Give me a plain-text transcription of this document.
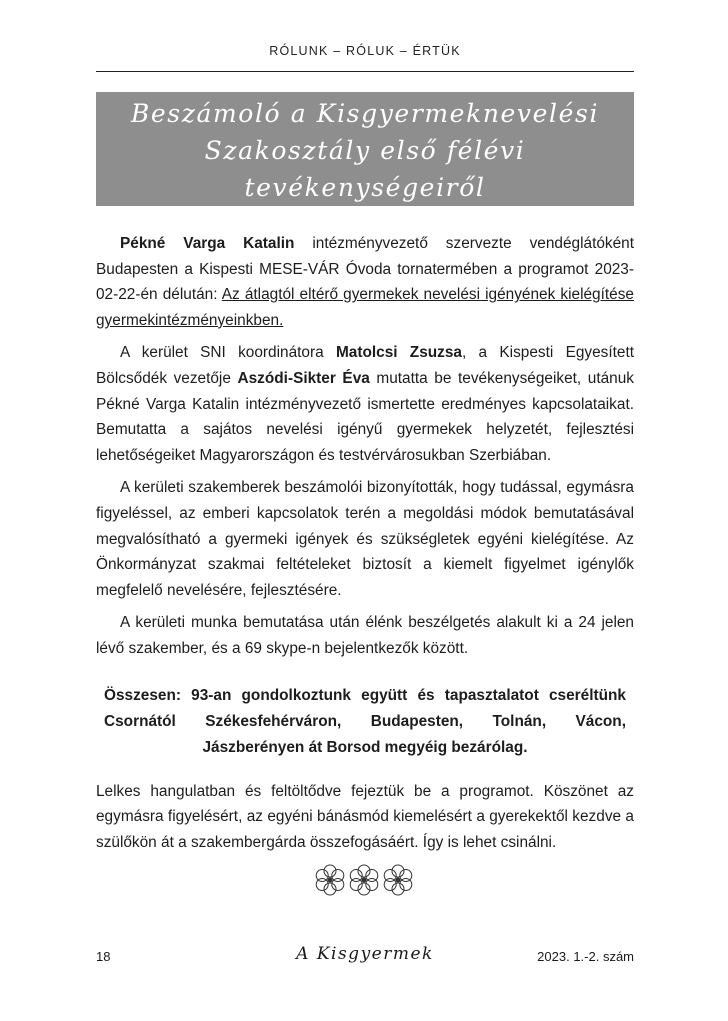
RÓLUNK – RÓLUK – ÉRTÜK
Beszámoló a Kisgyermeknevelési
Szakosztály első félévi
tevékenységeiről

Pékné Varga Katalin intézményvezető szervezte vendéglátóként Budapesten a Kispesti MESE-VÁR Óvoda tornatermében a programot 2023-02-22-én délután: Az átlagtól eltérő gyermekek nevelési igényének kielégítése gyermekintézményeinkben.

A kerület SNI koordinátora Matolcsi Zsuzsa, a Kispesti Egyesített Bölcsődék vezetője Aszódi-Sikter Éva mutatta be tevékenységeiket, utánuk Pékné Varga Katalin intézményvezető ismertette eredményes kapcsolataikat. Bemutatta a sajátos nevelési igényű gyermekek helyzetét, fejlesztési lehetőségeiket Magyarországon és testvérvárosukban Szerbiában.

A kerületi szakemberek beszámolói bizonyították, hogy tudással, egymásra figyeléssel, az emberi kapcsolatok terén a megoldási módok bemutatásával megvalósítható a gyermeki igények és szükségletek egyéni kielégítése. Az Önkormányzat szakmai feltételeket biztosít a kiemelt figyelmet igénylők megfelelő nevelésére, fejlesztésére.

A kerületi munka bemutatása után élénk beszélgetés alakult ki a 24 jelen lévő szakember, és a 69 skype-n bejelentkezők között.

Összesen: 93-an gondolkoztunk együtt és tapasztalatot cseréltünk Csornától Székesfehérváron, Budapesten, Tolnán, Vácon, Jászberényen át Borsod megyéig bezárólag.

Lelkes hangulatban és feltöltődve fejeztük be a programot. Köszönet az egymásra figyelésért, az egyéni bánásmód kiemelésért a gyerekektől kezdve a szülőkön át a szakembergárda összefogásáért. Így is lehet csinálni.

18	A Kisgyermek	2023. 1.-2. szám
